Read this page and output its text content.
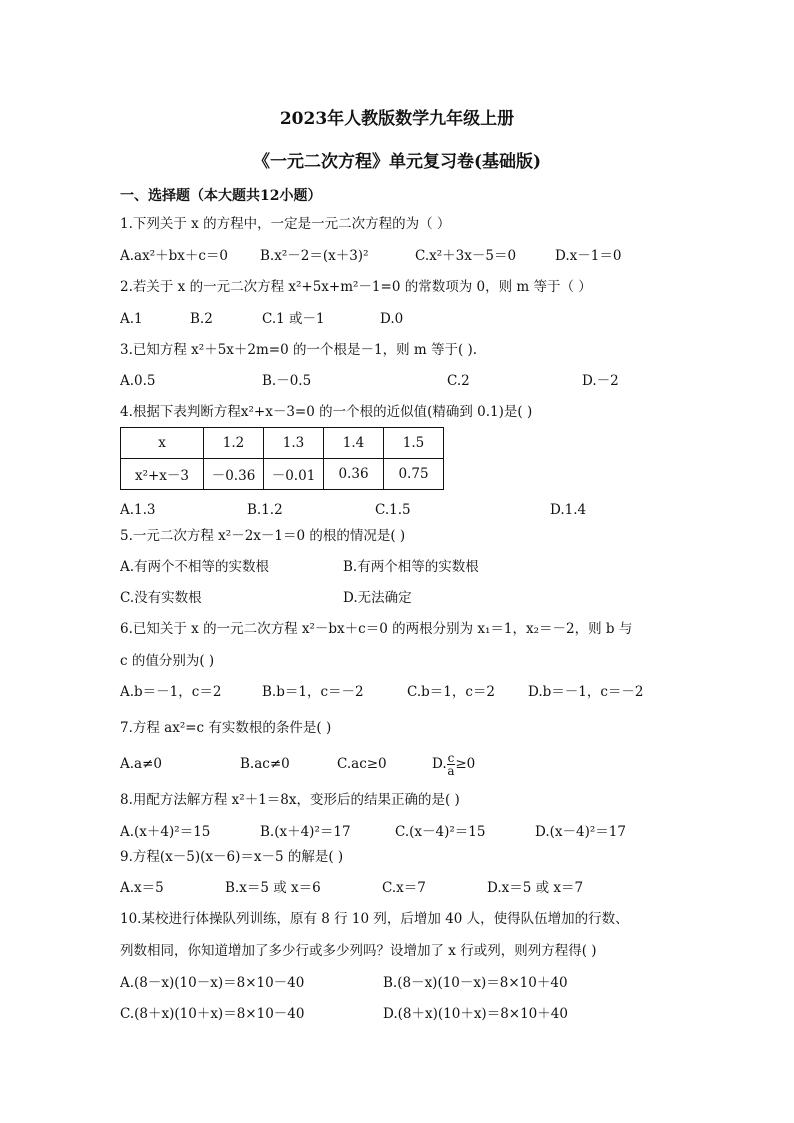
2023年人教版数学九年级上册
《一元二次方程》单元复习卷(基础版)
一、选择题（本大题共12小题）
1.下列关于 x 的方程中，一定是一元二次方程的为（ ）
A.ax²＋bx＋c＝0 B.x²－2＝(x＋3)²	C.x²＋3x－5＝0	D.x－1＝0
2.若关于 x 的一元二次方程 x²+5x+m²－1=0 的常数项为 0，则 m 等于（ ）
A.1	B.2	C.1 或－1	D.0
3.已知方程 x²＋5x＋2m=0 的一个根是－1，则 m 等于( ).
A.0.5	B.－0.5	C.2	D.－2
4.根据下表判断方程x²+x－3=0 的一个根的近似值(精确到 0.1)是( )
x	1.2	1.3	1.4	1.5
x²+x－3	－0.36	－0.01	0.36	0.75
A.1.3	B.1.2	C.1.5	D.1.4
5.一元二次方程 x²－2x－1＝0 的根的情况是( )
A.有两个不相等的实数根	B.有两个相等的实数根
C.没有实数根	D.无法确定
6.已知关于 x 的一元二次方程 x²－bx＋c＝0 的两根分别为 x₁＝1，x₂＝－2，则 b 与
c 的值分别为( )
A.b＝－1，c＝2	B.b＝1，c＝－2	C.b＝1，c＝2 D.b＝－1，c＝－2
7.方程 ax²=c 有实数根的条件是( )
A.a≠0	B.ac≠0	C.ac≥0	D. $\frac{c}{a} \ge 0$
8.用配方法解方程 x²＋1＝8x，变形后的结果正确的是( )
A.(x＋4)²＝15	B.(x＋4)²＝17	C.(x－4)²＝15	D.(x－4)²＝17
9.方程(x－5)(x－6)＝x－5 的解是( )
A.x＝5	B.x＝5 或 x＝6	C.x＝7	D.x＝5 或 x＝7
10.某校进行体操队列训练，原有 8 行 10 列，后增加 40 人，使得队伍增加的行数、
列数相同，你知道增加了多少行或多少列吗？设增加了 x 行或列，则列方程得( )
A.(8－x)(10－x)＝8×10－40	B.(8－x)(10－x)＝8×10＋40
C.(8＋x)(10＋x)＝8×10－40	D.(8＋x)(10＋x)＝8×10＋40
